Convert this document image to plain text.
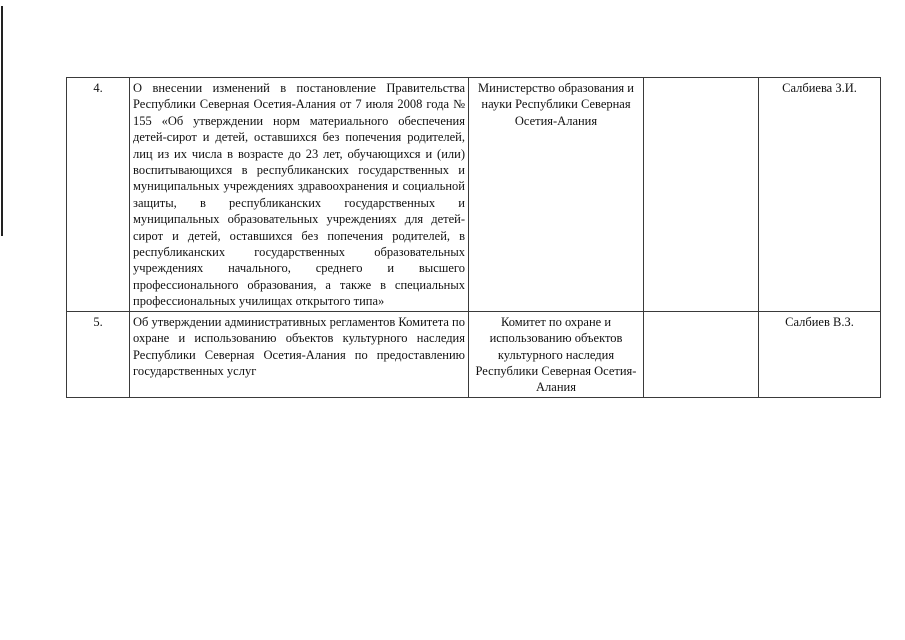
4.	О внесении изменений в постановление Правительства Республики Северная Осетия-Алания от 7 июля 2008 года № 155 «Об утверждении норм материального обеспечения детей-сирот и детей, оставшихся без попечения родителей, лиц из их числа в возрасте до 23 лет, обучающихся и (или) воспитывающихся в республиканских государственных и муниципальных учреждениях здравоохранения и социальной защиты, в республиканских государственных и муниципальных образовательных учреждениях для детей-сирот и детей, оставшихся без попечения родителей, в республиканских государственных образовательных учреждениях начального, среднего и высшего профессионального образования, а также в специальных профессиональных училищах открытого типа»	Министерство образования и науки Республики Северная Осетия-Алания		Салбиева З.И.
5.	Об утверждении административных регламентов Комитета по охране и использованию объектов культурного наследия Республики Северная Осетия-Алания по предоставлению государственных услуг	Комитет по охране и использованию объектов культурного наследия Республики Северная Осетия-Алания		Салбиев В.З.
